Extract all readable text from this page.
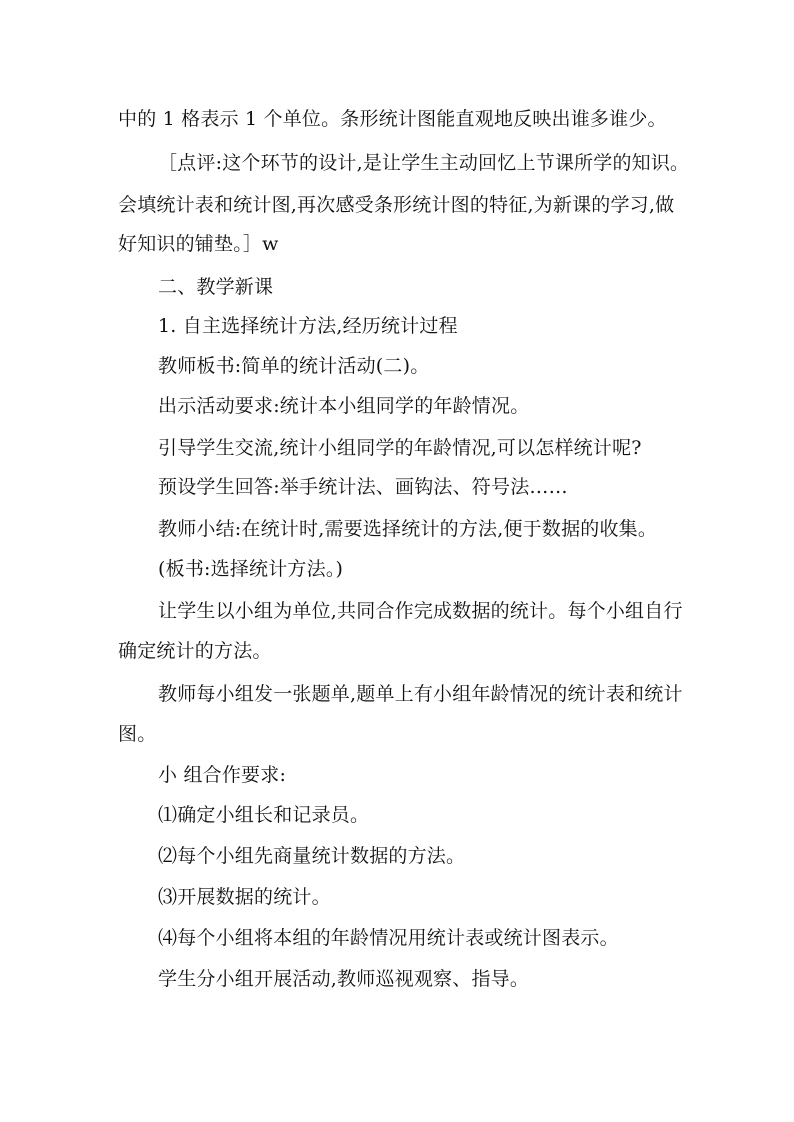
中的 1 格表示 1 个单位。条形统计图能直观地反映出谁多谁少。
［点评:这个环节的设计,是让学生主动回忆上节课所学的知识。
会填统计表和统计图,再次感受条形统计图的特征,为新课的学习,做
好知识的铺垫。］w
二、教学新课
1. 自主选择统计方法,经历统计过程
教师板书:简单的统计活动(二)。
出示活动要求:统计本小组同学的年龄情况。
引导学生交流,统计小组同学的年龄情况,可以怎样统计呢?
预设学生回答:举手统计法、画钩法、符号法……
教师小结:在统计时,需要选择统计的方法,便于数据的收集。
(板书:选择统计方法。)
让学生以小组为单位,共同合作完成数据的统计。每个小组自行
确定统计的方法。
教师每小组发一张题单,题单上有小组年龄情况的统计表和统计
图。
小 组合作要求:
⑴确定小组长和记录员。
⑵每个小组先商量统计数据的方法。
⑶开展数据的统计。
⑷每个小组将本组的年龄情况用统计表或统计图表示。
学生分小组开展活动,教师巡视观察、指导。
